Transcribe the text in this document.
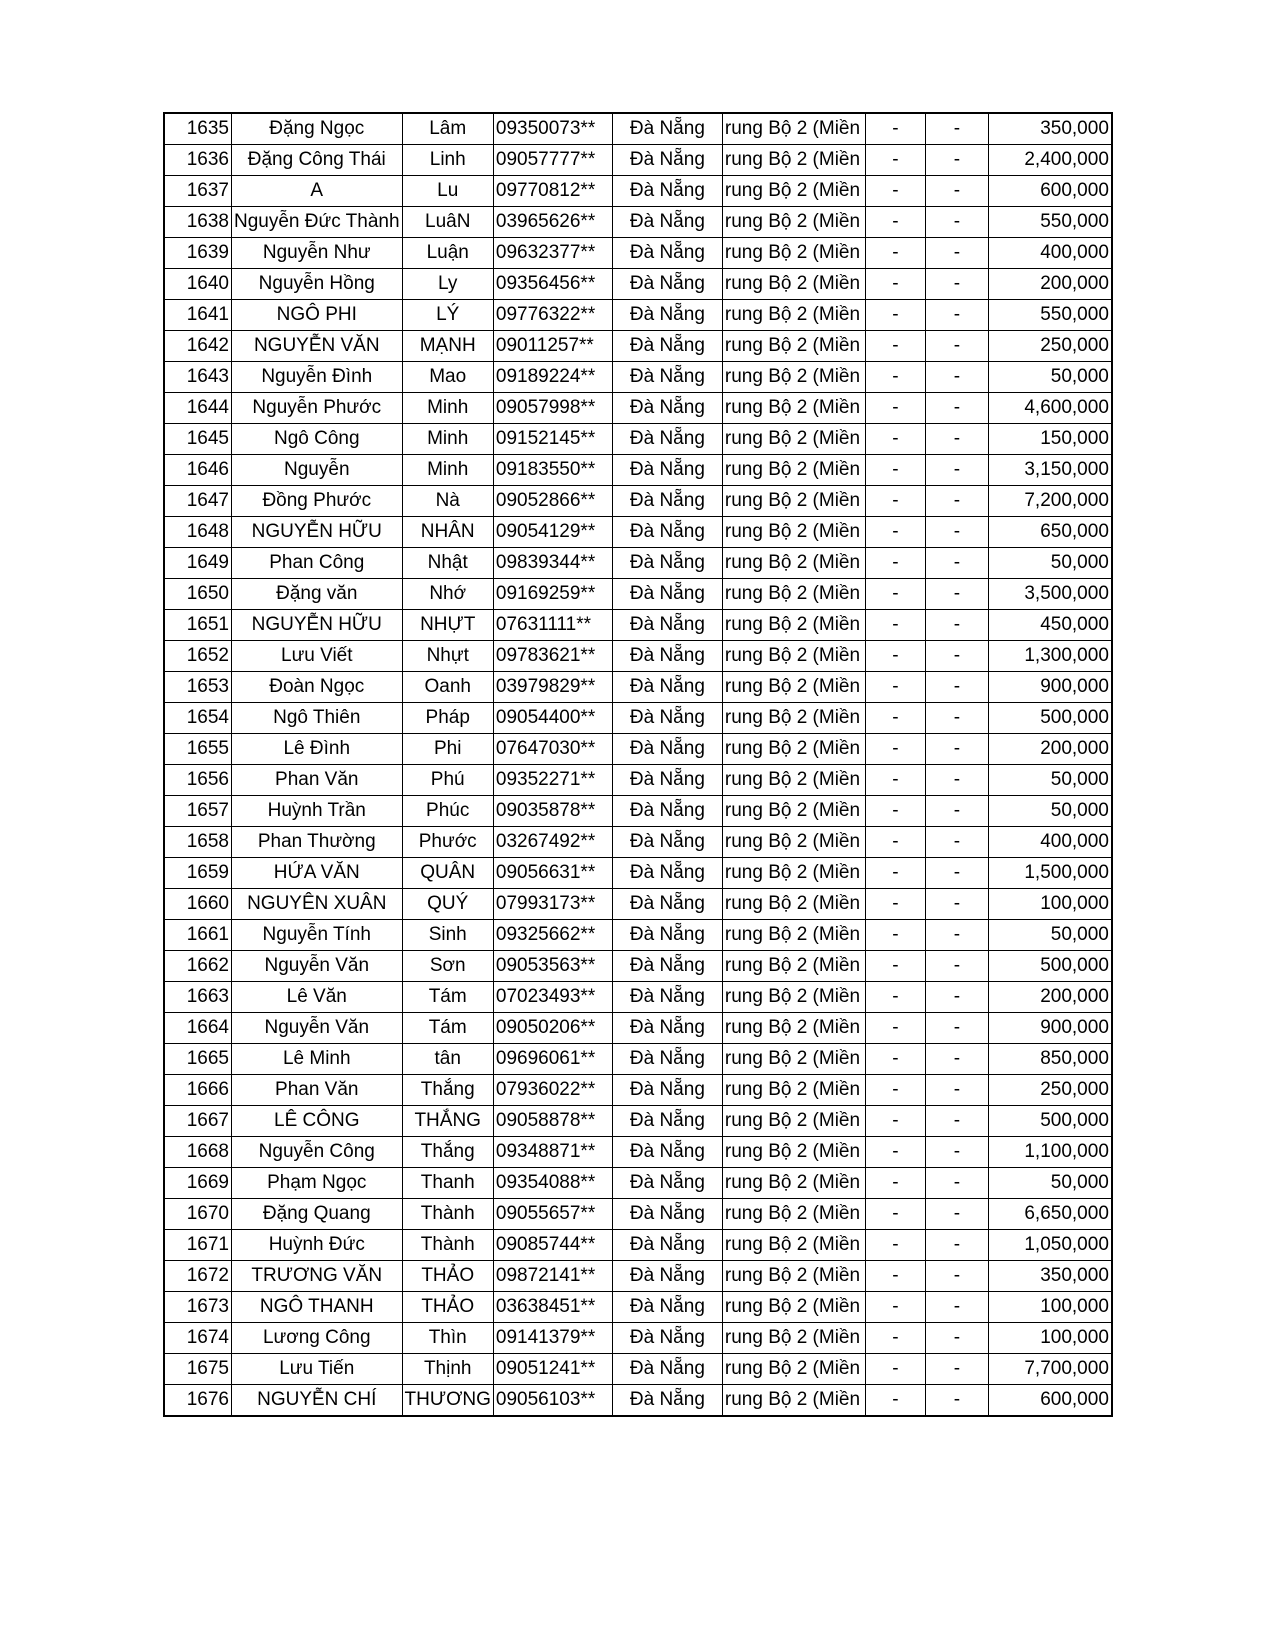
1635	Đặng Ngọc	Lâm	09350073**	Đà Nẵng	rung Bộ 2 (Miền	-	-	350,000
1636	Đặng Công Thái	Linh	09057777**	Đà Nẵng	rung Bộ 2 (Miền	-	-	2,400,000
1637	A	Lu	09770812**	Đà Nẵng	rung Bộ 2 (Miền	-	-	600,000
1638	Nguyễn Đức Thành	LuâN	03965626**	Đà Nẵng	rung Bộ 2 (Miền	-	-	550,000
1639	Nguyễn Như	Luận	09632377**	Đà Nẵng	rung Bộ 2 (Miền	-	-	400,000
1640	Nguyễn Hồng	Ly	09356456**	Đà Nẵng	rung Bộ 2 (Miền	-	-	200,000
1641	NGÔ PHI	LÝ	09776322**	Đà Nẵng	rung Bộ 2 (Miền	-	-	550,000
1642	NGUYỄN VĂN	MẠNH	09011257**	Đà Nẵng	rung Bộ 2 (Miền	-	-	250,000
1643	Nguyễn Đình	Mao	09189224**	Đà Nẵng	rung Bộ 2 (Miền	-	-	50,000
1644	Nguyễn Phước	Minh	09057998**	Đà Nẵng	rung Bộ 2 (Miền	-	-	4,600,000
1645	Ngô Công	Minh	09152145**	Đà Nẵng	rung Bộ 2 (Miền	-	-	150,000
1646	Nguyễn	Minh	09183550**	Đà Nẵng	rung Bộ 2 (Miền	-	-	3,150,000
1647	Đồng Phước	Nà	09052866**	Đà Nẵng	rung Bộ 2 (Miền	-	-	7,200,000
1648	NGUYỄN HỮU	NHÂN	09054129**	Đà Nẵng	rung Bộ 2 (Miền	-	-	650,000
1649	Phan Công	Nhật	09839344**	Đà Nẵng	rung Bộ 2 (Miền	-	-	50,000
1650	Đặng văn	Nhớ	09169259**	Đà Nẵng	rung Bộ 2 (Miền	-	-	3,500,000
1651	NGUYỄN HỮU	NHỰT	07631111**	Đà Nẵng	rung Bộ 2 (Miền	-	-	450,000
1652	Lưu Viết	Nhựt	09783621**	Đà Nẵng	rung Bộ 2 (Miền	-	-	1,300,000
1653	Đoàn Ngọc	Oanh	03979829**	Đà Nẵng	rung Bộ 2 (Miền	-	-	900,000
1654	Ngô Thiên	Pháp	09054400**	Đà Nẵng	rung Bộ 2 (Miền	-	-	500,000
1655	Lê Đình	Phi	07647030**	Đà Nẵng	rung Bộ 2 (Miền	-	-	200,000
1656	Phan Văn	Phú	09352271**	Đà Nẵng	rung Bộ 2 (Miền	-	-	50,000
1657	Huỳnh Trần	Phúc	09035878**	Đà Nẵng	rung Bộ 2 (Miền	-	-	50,000
1658	Phan Thường	Phước	03267492**	Đà Nẵng	rung Bộ 2 (Miền	-	-	400,000
1659	HỨA VĂN	QUÂN	09056631**	Đà Nẵng	rung Bộ 2 (Miền	-	-	1,500,000
1660	NGUYÊN XUÂN	QUÝ	07993173**	Đà Nẵng	rung Bộ 2 (Miền	-	-	100,000
1661	Nguyễn Tính	Sinh	09325662**	Đà Nẵng	rung Bộ 2 (Miền	-	-	50,000
1662	Nguyễn Văn	Sơn	09053563**	Đà Nẵng	rung Bộ 2 (Miền	-	-	500,000
1663	Lê Văn	Tám	07023493**	Đà Nẵng	rung Bộ 2 (Miền	-	-	200,000
1664	Nguyễn Văn	Tám	09050206**	Đà Nẵng	rung Bộ 2 (Miền	-	-	900,000
1665	Lê Minh	tân	09696061**	Đà Nẵng	rung Bộ 2 (Miền	-	-	850,000
1666	Phan Văn	Thắng	07936022**	Đà Nẵng	rung Bộ 2 (Miền	-	-	250,000
1667	LÊ CÔNG	THẮNG	09058878**	Đà Nẵng	rung Bộ 2 (Miền	-	-	500,000
1668	Nguyễn Công	Thắng	09348871**	Đà Nẵng	rung Bộ 2 (Miền	-	-	1,100,000
1669	Phạm Ngọc	Thanh	09354088**	Đà Nẵng	rung Bộ 2 (Miền	-	-	50,000
1670	Đặng Quang	Thành	09055657**	Đà Nẵng	rung Bộ 2 (Miền	-	-	6,650,000
1671	Huỳnh Đức	Thành	09085744**	Đà Nẵng	rung Bộ 2 (Miền	-	-	1,050,000
1672	TRƯƠNG VĂN	THẢO	09872141**	Đà Nẵng	rung Bộ 2 (Miền	-	-	350,000
1673	NGÔ THANH	THẢO	03638451**	Đà Nẵng	rung Bộ 2 (Miền	-	-	100,000
1674	Lương Công	Thìn	09141379**	Đà Nẵng	rung Bộ 2 (Miền	-	-	100,000
1675	Lưu Tiến	Thịnh	09051241**	Đà Nẵng	rung Bộ 2 (Miền	-	-	7,700,000
1676	NGUYỄN CHÍ	THƯƠNG	09056103**	Đà Nẵng	rung Bộ 2 (Miền	-	-	600,000
